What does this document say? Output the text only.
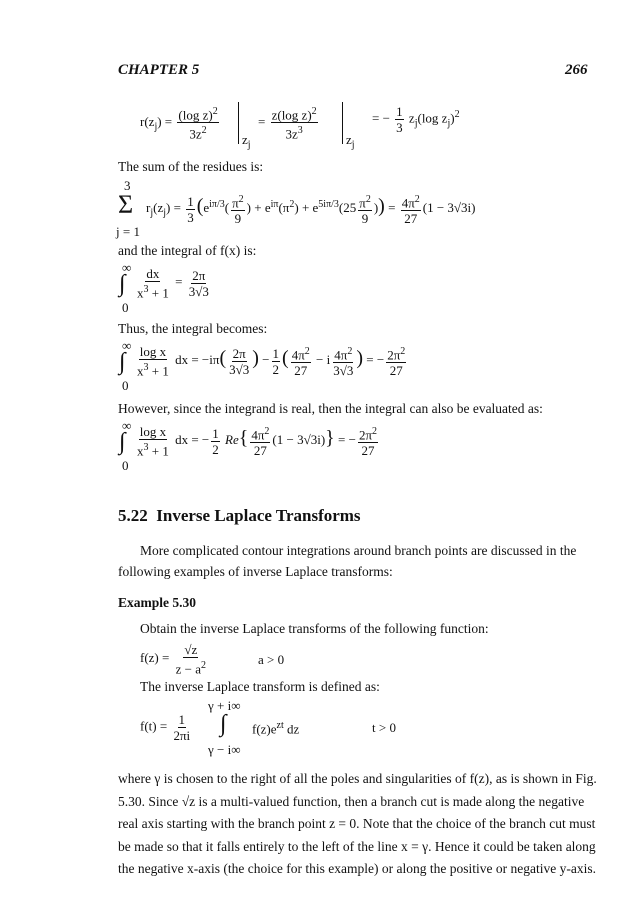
CHAPTER 5	266
$r(z_j) = \frac{(\log z)^2}{3z^2} z_j$
= $\frac{z(\log z)^2}{3z^3} z_j$
= − $\frac{1}{3} z_j(\log$ $z_j)^2$
The sum of the residues is:
3
Σ
j = 1
$r_j(z_j) = \frac{1}{3} (e^{i\pi/3}( \frac{\pi^2}{9}$ ) + $e^{i\pi}(\pi^2) + e^{5i\pi/3}(25 \frac{\pi^2}{9}$ )) = $\frac{4\pi^2}{27} (1 - 3√3i)$
and the integral of f(x) is:
∞
∫
0
$\frac{dx}{x^3 + 1} = \frac{2\pi}{3√3}$
Thus, the integral becomes:
∞
∫
0
$\frac{\text{log x}}{x^3 + 1}$ dx = $-i\pi( \frac{2\pi}{3√3}$ ) − $\frac{1}{2}$ ( $\frac{4\pi^2}{27} - i \frac{4\pi^2}{3√3}$ ) = − $\frac{2\pi^2}{27}$
However, since the integrand is real, then the integral can also be evaluated as:
∞
∫
0
$\frac{\text{log x}}{x^3 + 1}$ dx = − $\frac{1}{2} Re\{ \frac{4\pi^2}{27} (1 - 3√3i)\}$ = − $\frac{2\pi^2}{27}$
5.22 Inverse Laplace Transforms
More complicated contour integrations around branch points are discussed in the following examples of inverse Laplace transforms:
Example 5.30
Obtain the inverse Laplace transforms of the following function:
$f(z) = \frac{√z}{z - a^2}$	a > 0
The inverse Laplace transform is defined as:
γ + i∞
∫
γ − i∞
$f(t) = \frac{1}{2\pi i}$	$f(z)e^{zt}$ dz	t > 0
where γ is chosen to the right of all the poles and singularities of f(z), as is shown in Fig. 5.30. Since √z is a multi-valued function, then a branch cut is made along the negative real axis starting with the branch point z = 0. Note that the choice of the branch cut must be made so that it falls entirely to the left of the line x = γ. Hence it could be taken along the negative x-axis (the choice for this example) or along the positive or negative y-axis.
